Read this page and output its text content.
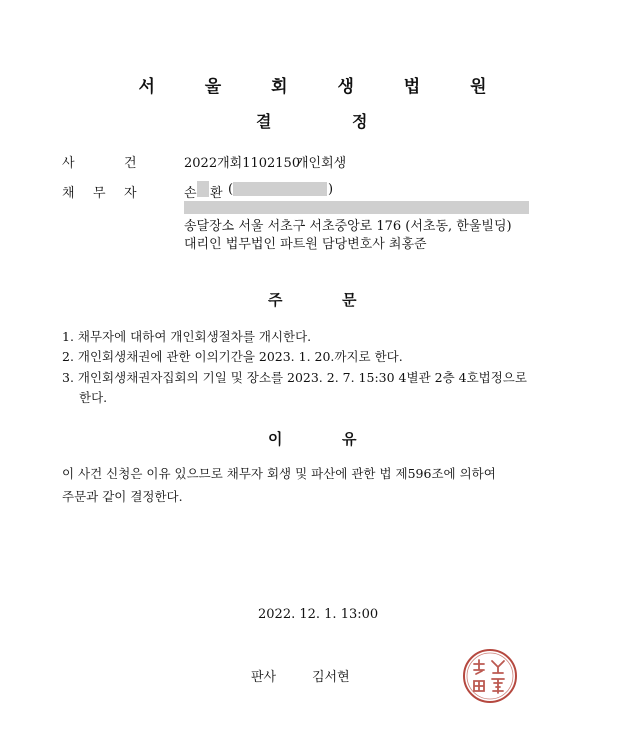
서 울 회 생 법 원
결	정
사	건	2022개회1102150
개인회생
채 무 자	손 환 (	)
송달장소 서울 서초구 서초중앙로 176 (서초동, 한울빌딩)
대리인 법무법인 파트원 담당변호사 최홍준
주	문
1. 채무자에 대하여 개인회생절차를 개시한다.
2. 개인회생채권에 관한 이의기간을 2023. 1. 20.까지로 한다.
3. 개인회생채권자집회의 기일 및 장소를 2023. 2. 7. 15:30 4별관 2층 4호법정으로
한다.
이	유
이 사건 신청은 이유 있으므로 채무자 회생 및 파산에 관한 법 제596조에 의하여
주문과 같이 결정한다.
2022. 12. 1. 13:00
판사	김서현
